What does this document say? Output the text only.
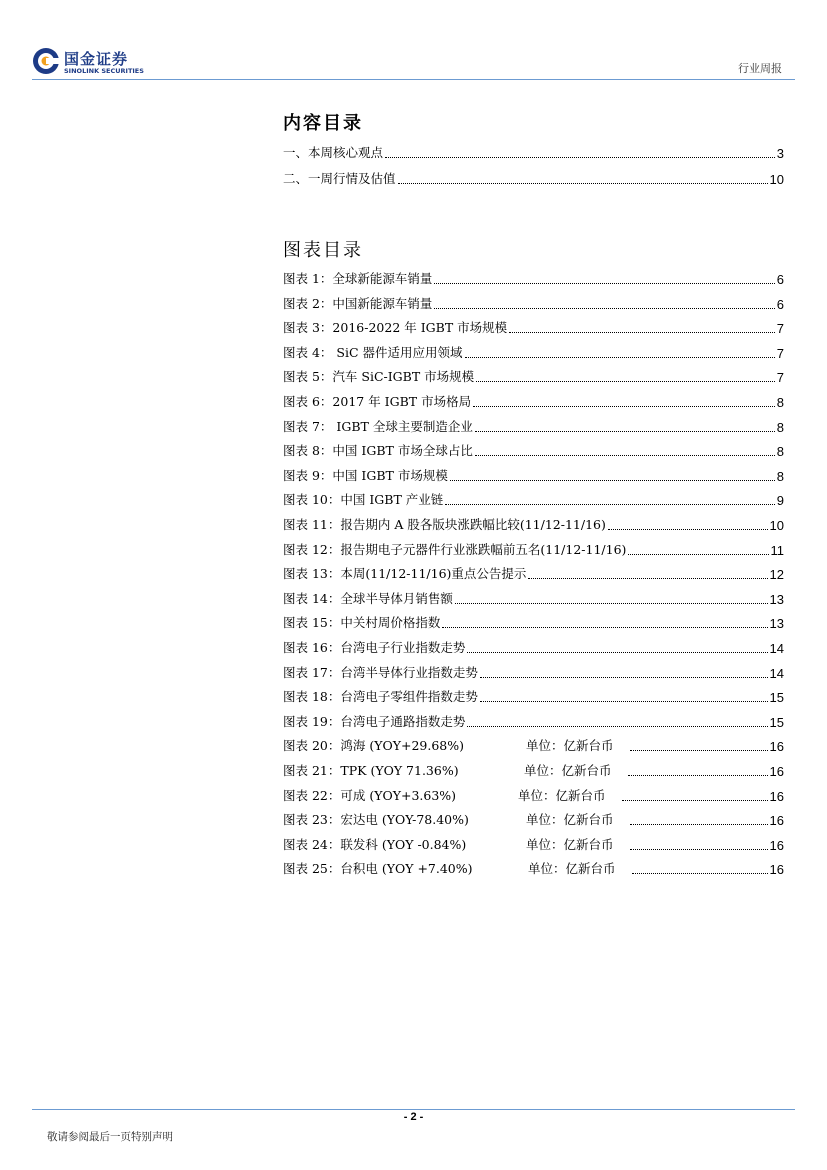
国金证券
SINOLINK SECURITIES	行业周报
内容目录
一、本周核心观点	3
二、一周行情及估值	10
图表目录
图表 1：全球新能源车销量	6
图表 2：中国新能源车销量	6
图表 3：2016-2022 年 IGBT 市场规模	7
图表 4： SiC 器件适用应用领域	7
图表 5：汽车 SiC-IGBT 市场规模	7
图表 6：2017 年 IGBT 市场格局	8
图表 7： IGBT 全球主要制造企业	8
图表 8：中国 IGBT 市场全球占比	8
图表 9：中国 IGBT 市场规模	8
图表 10：中国 IGBT 产业链	9
图表 11：报告期内 A 股各版块涨跌幅比较(11/12-11/16)	10
图表 12：报告期电子元器件行业涨跌幅前五名(11/12-11/16)	11
图表 13：本周(11/12-11/16)重点公告提示	12
图表 14：全球半导体月销售额	13
图表 15：中关村周价格指数	13
图表 16：台湾电子行业指数走势	14
图表 17：台湾半导体行业指数走势	14
图表 18：台湾电子零组件指数走势	15
图表 19：台湾电子通路指数走势	15
图表 20：鸿海 (YOY+29.68%)	单位：亿新台币	16
图表 21：TPK (YOY 71.36%)	单位：亿新台币	16
图表 22：可成 (YOY+3.63%)	单位：亿新台币	16
图表 23：宏达电 (YOY-78.40%)	单位：亿新台币	16
图表 24：联发科 (YOY -0.84%)	单位：亿新台币	16
图表 25：台积电 (YOY +7.40%)	单位：亿新台币	16
- 2 -
敬请参阅最后一页特别声明
